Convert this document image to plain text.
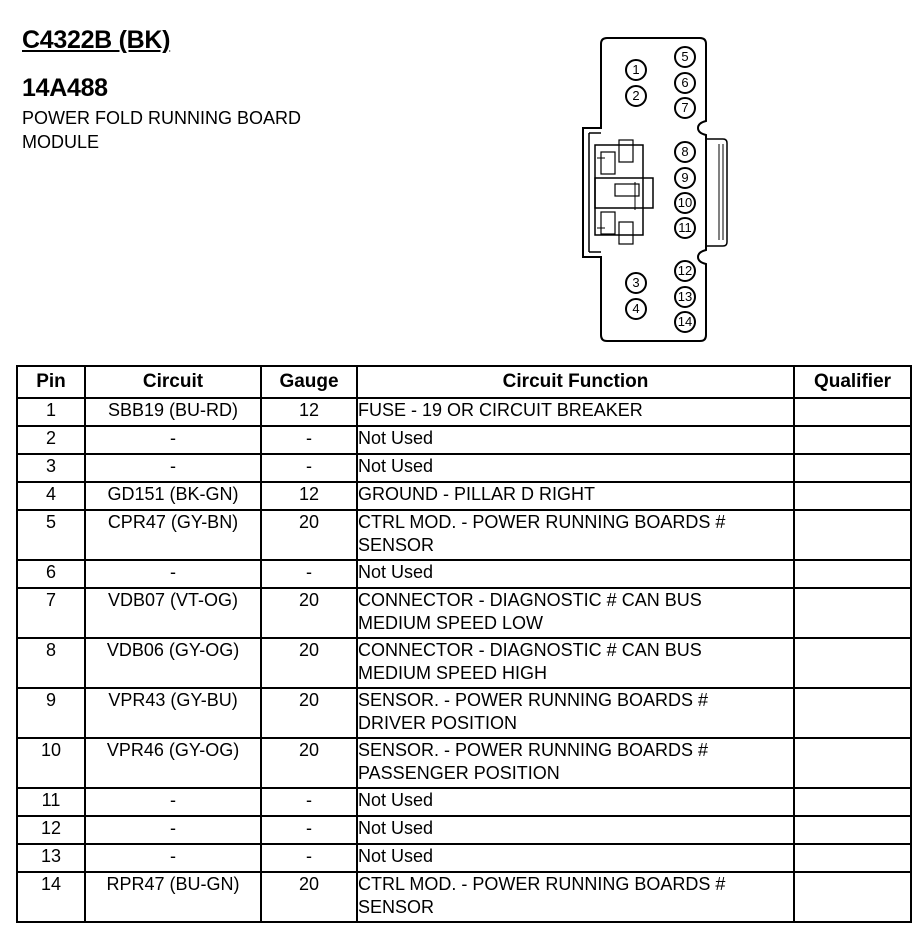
C4322B (BK)
14A488
POWER FOLD RUNNING BOARD
MODULE
1
2
3
4
5
6
7
8
9
10
11
12
13
14
Pin	Circuit	Gauge	Circuit Function	Qualifier
1	SBB19 (BU-RD)	12	FUSE - 19 OR CIRCUIT BREAKER	

2	-	-	Not Used	

3	-	-	Not Used	

4	GD151 (BK-GN)	12	GROUND - PILLAR D RIGHT	

5	CPR47 (GY-BN)	20	CTRL MOD. - POWER RUNNING BOARDS #
SENSOR	

6	-	-	Not Used	

7	VDB07 (VT-OG)	20	CONNECTOR - DIAGNOSTIC # CAN BUS
MEDIUM SPEED LOW	

8	VDB06 (GY-OG)	20	CONNECTOR - DIAGNOSTIC # CAN BUS
MEDIUM SPEED HIGH	

9	VPR43 (GY-BU)	20	SENSOR. - POWER RUNNING BOARDS #
DRIVER POSITION	

10	VPR46 (GY-OG)	20	SENSOR. - POWER RUNNING BOARDS #
PASSENGER POSITION	

11	-	-	Not Used	

12	-	-	Not Used	

13	-	-	Not Used	

14	RPR47 (BU-GN)	20	CTRL MOD. - POWER RUNNING BOARDS #
SENSOR	
